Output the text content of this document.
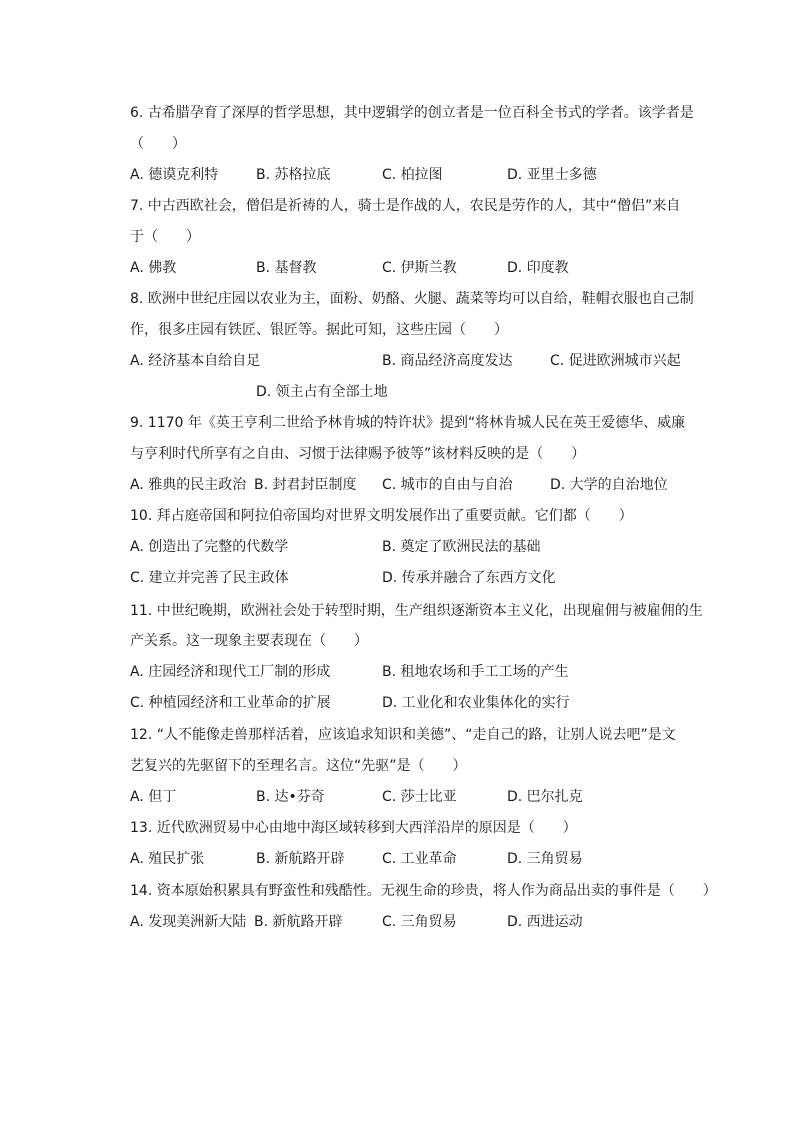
6. 古希腊孕育了深厚的哲学思想，其中逻辑学的创立者是一位百科全书式的学者。该学者是
（　　）
A. 德谟克利特	B. 苏格拉底	C. 柏拉图	D. 亚里士多德
7. 中古西欧社会，僧侣是祈祷的人，骑士是作战的人，农民是劳作的人，其中“僧侣”来自
于（　　）
A. 佛教	B. 基督教	C. 伊斯兰教	D. 印度教
8. 欧洲中世纪庄园以农业为主，面粉、奶酪、火腿、蔬菜等均可以自给，鞋帽衣服也自己制
作，很多庄园有铁匠、银匠等。据此可知，这些庄园（　　）
A. 经济基本自给自足	B. 商品经济高度发达	C. 促进欧洲城市兴起
D. 领主占有全部土地
9. 1170 年《英王亨利二世给予林肯城的特许状》提到“将林肯城人民在英王爱德华、威廉
与亨利时代所享有之自由、习惯于法律赐予彼等”该材料反映的是（　　）
A. 雅典的民主政治 B. 封君封臣制度 C. 城市的自由与自治	D. 大学的自治地位
10. 拜占庭帝国和阿拉伯帝国均对世界文明发展作出了重要贡献。它们都（　　）
A. 创造出了完整的代数学	B. 奠定了欧洲民法的基础
C. 建立并完善了民主政体	D. 传承并融合了东西方文化
11. 中世纪晚期，欧洲社会处于转型时期，生产组织逐渐资本主义化，出现雇佣与被雇佣的生
产关系。这一现象主要表现在（　　）
A. 庄园经济和现代工厂制的形成	B. 租地农场和手工工场的产生
C. 种植园经济和工业革命的扩展	D. 工业化和农业集体化的实行
12. “人不能像走兽那样活着，应该追求知识和美德”、“走自己的路，让别人说去吧”是文
艺复兴的先驱留下的至理名言。这位“先驱”是（　　）
A. 但丁	B. 达•芬奇	C. 莎士比亚	D. 巴尔扎克
13. 近代欧洲贸易中心由地中海区域转移到大西洋沿岸的原因是（　　）
A. 殖民扩张	B. 新航路开辟	C. 工业革命	D. 三角贸易
14. 资本原始积累具有野蛮性和残酷性。无视生命的珍贵，将人作为商品出卖的事件是（　　）
A. 发现美洲新大陆 B. 新航路开辟	C. 三角贸易	D. 西进运动
